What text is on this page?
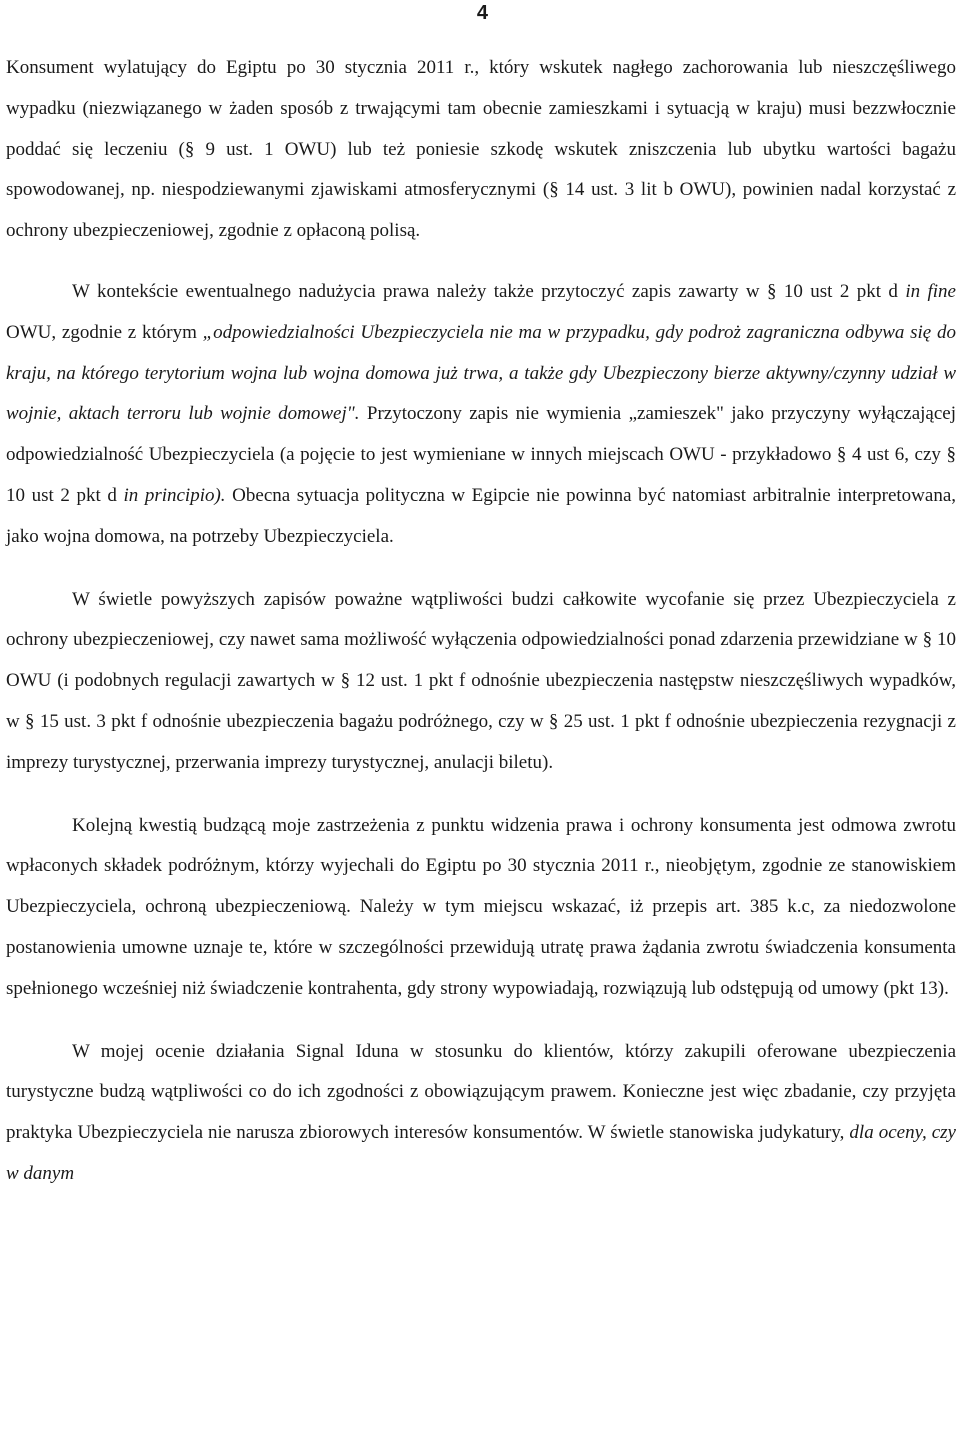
4

Konsument wylatujący do Egiptu po 30 stycznia 2011 r., który wskutek nagłego zachorowania lub nieszczęśliwego wypadku (niezwiązanego w żaden sposób z trwającymi tam obecnie zamieszkami i sytuacją w kraju) musi bezzwłocznie poddać się leczeniu (§ 9 ust. 1 OWU) lub też poniesie szkodę wskutek zniszczenia lub ubytku wartości bagażu spowodowanej, np. niespodziewanymi zjawiskami atmosferycznymi (§ 14 ust. 3 lit b OWU), powinien nadal korzystać z ochrony ubezpieczeniowej, zgodnie z opłaconą polisą.

W kontekście ewentualnego nadużycia prawa należy także przytoczyć zapis zawarty w § 10 ust 2 pkt d in fine OWU, zgodnie z którym „odpowiedzialności Ubezpieczyciela nie ma w przypadku, gdy podroż zagraniczna odbywa się do kraju, na którego terytorium wojna lub wojna domowa już trwa, a także gdy Ubezpieczony bierze aktywny/czynny udział w wojnie, aktach terroru lub wojnie domowej". Przytoczony zapis nie wymienia „zamieszek" jako przyczyny wyłączającej odpowiedzialność Ubezpieczyciela (a pojęcie to jest wymieniane w innych miejscach OWU - przykładowo § 4 ust 6, czy § 10 ust 2 pkt d in principio). Obecna sytuacja polityczna w Egipcie nie powinna być natomiast arbitralnie interpretowana, jako wojna domowa, na potrzeby Ubezpieczyciela.

W świetle powyższych zapisów poważne wątpliwości budzi całkowite wycofanie się przez Ubezpieczyciela z ochrony ubezpieczeniowej, czy nawet sama możliwość wyłączenia odpowiedzialności ponad zdarzenia przewidziane w § 10 OWU (i podobnych regulacji zawartych w § 12 ust. 1 pkt f odnośnie ubezpieczenia następstw nieszczęśliwych wypadków, w § 15 ust. 3 pkt f odnośnie ubezpieczenia bagażu podróżnego, czy w § 25 ust. 1 pkt f odnośnie ubezpieczenia rezygnacji z imprezy turystycznej, przerwania imprezy turystycznej, anulacji biletu).

Kolejną kwestią budzącą moje zastrzeżenia z punktu widzenia prawa i ochrony konsumenta jest odmowa zwrotu wpłaconych składek podróżnym, którzy wyjechali do Egiptu po 30 stycznia 2011 r., nieobjętym, zgodnie ze stanowiskiem Ubezpieczyciela, ochroną ubezpieczeniową. Należy w tym miejscu wskazać, iż przepis art. 385 k.c, za niedozwolone postanowienia umowne uznaje te, które w szczególności przewidują utratę prawa żądania zwrotu świadczenia konsumenta spełnionego wcześniej niż świadczenie kontrahenta, gdy strony wypowiadają, rozwiązują lub odstępują od umowy (pkt 13).

W mojej ocenie działania Signal Iduna w stosunku do klientów, którzy zakupili oferowane ubezpieczenia turystyczne budzą wątpliwości co do ich zgodności z obowiązującym prawem. Konieczne jest więc zbadanie, czy przyjęta praktyka Ubezpieczyciela nie narusza zbiorowych interesów konsumentów. W świetle stanowiska judykatury, dla oceny, czy w danym
